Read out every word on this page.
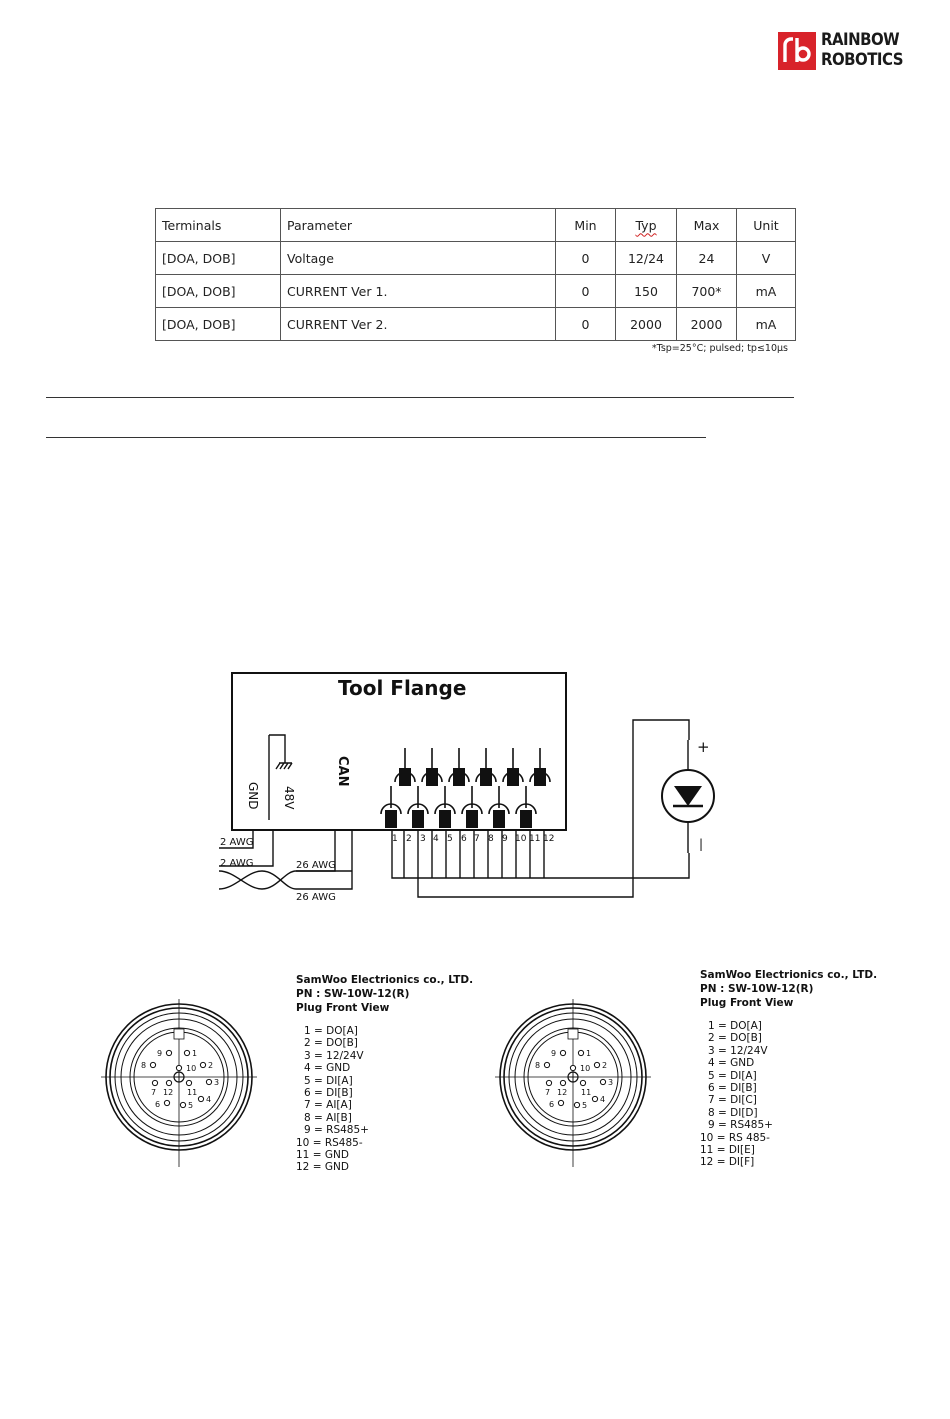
RAINBOW
ROBOTICS
Terminals	Parameter	Min	Typ	Max	Unit
[DOA, DOB]	Voltage	0	12/24	24	V
[DOA, DOB]	CURRENT Ver 1.	0	150	700*	mA
[DOA, DOB]	CURRENT Ver 2.	0	2000	2000	mA
*Tsp=25°C; pulsed; tp≤10μs
Tool Flange
CAN
GND 48V
2 AWG
2 AWG	26 AWG
26 AWG
+
|
1 2 3 4 5 6 7 8 9 10 11 12
1
2
3
4
5
6
7
8
9
10
11
12
1
2
3
4
5
6
7
8
9
10
11
12
SamWoo Electrionics co., LTD.
PN : SW-10W-12(R)
Plug Front View
1 = DO[A]
2 = DO[B]
3 = 12/24V
4 = GND
5 = DI[A]
6 = DI[B]
7 = AI[A]
8 = AI[B]
9 = RS485+
10 = RS485-
11 = GND
12 = GND
SamWoo Electrionics co., LTD.
PN : SW-10W-12(R)
Plug Front View
1 = DO[A]
2 = DO[B]
3 = 12/24V
4 = GND
5 = DI[A]
6 = DI[B]
7 = DI[C]
8 = DI[D]
9 = RS485+
10 = RS 485-
11 = DI[E]
12 = DI[F]
